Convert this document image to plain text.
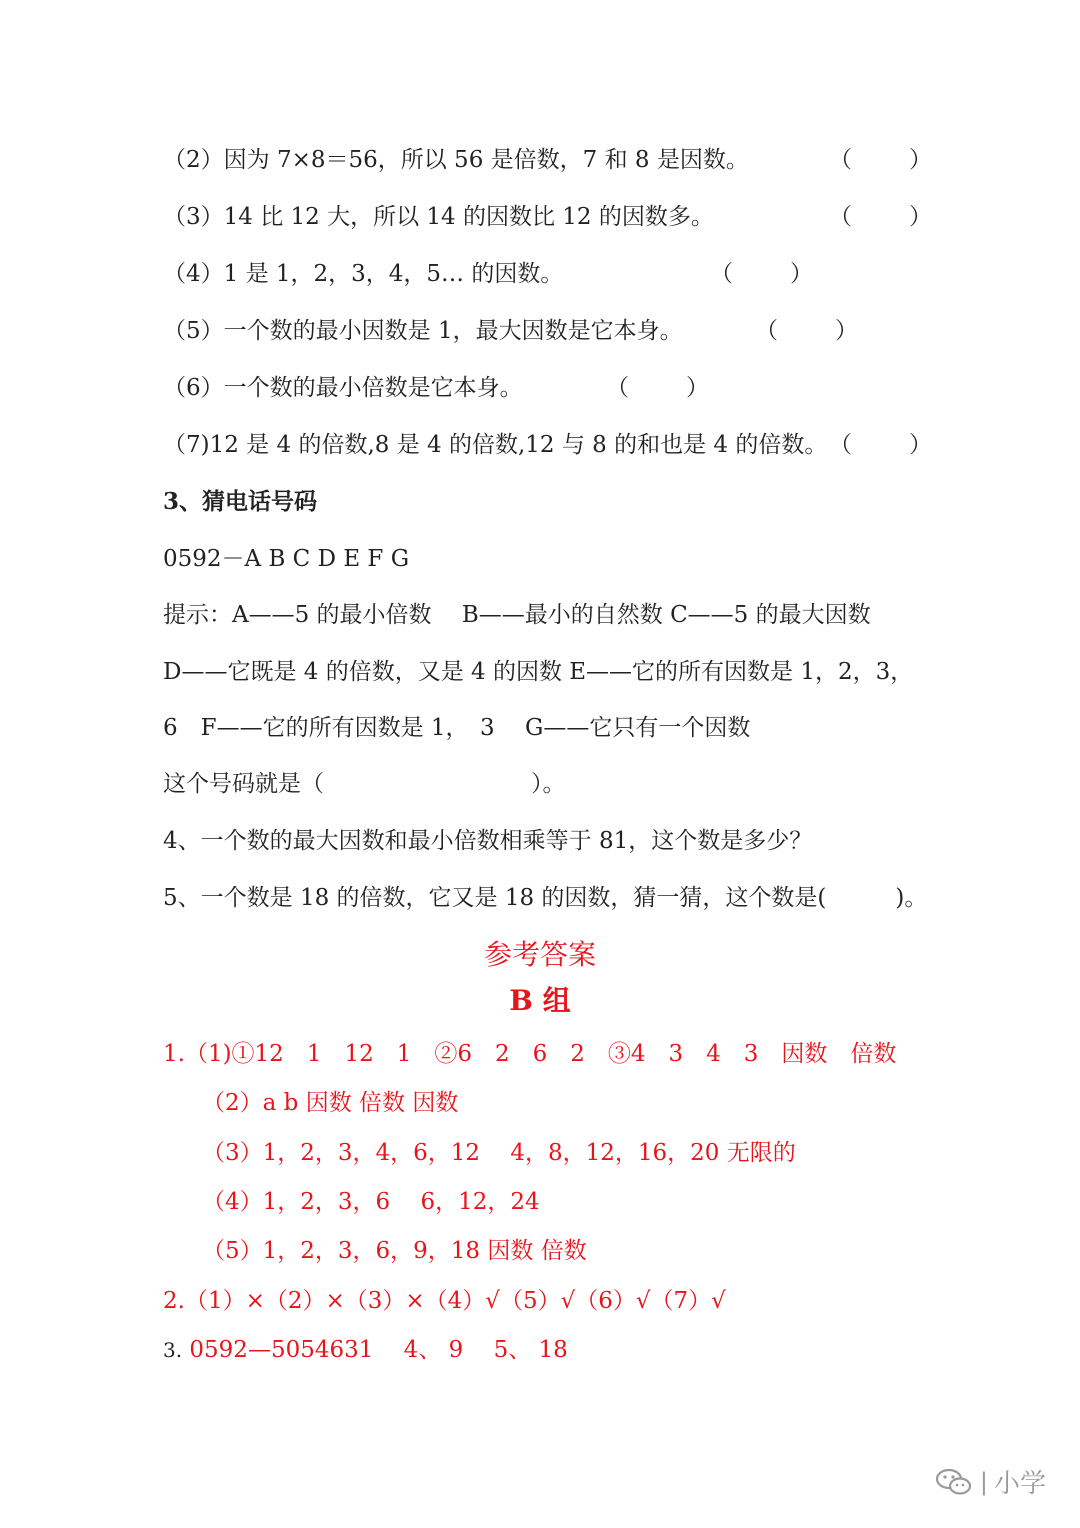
（2）因为 7×8＝56，所以 56 是倍数，7 和 8 是因数。	（ ）
（3）14 比 12 大，所以 14 的因数比 12 的因数多。	（ ）
（4）1 是 1，2，3，4，5… 的因数。	（ ）
（5）一个数的最小因数是 1，最大因数是它本身。	（ ）
（6）一个数的最小倍数是它本身。	（ ）
（7)12 是 4 的倍数,8 是 4 的倍数,12 与 8 的和也是 4 的倍数。 （ ）
3、猜电话号码
0592－A B C D E F G
提示：A——5 的最小倍数　 B——最小的自然数 C——5 的最大因数
D——它既是 4 的倍数，又是 4 的因数 E——它的所有因数是 1，2，3，
6　F——它的所有因数是 1，　3　 G——它只有一个因数
这个号码就是（　　　　　　　　　）。
4、一个数的最大因数和最小倍数相乘等于 81，这个数是多少？
5、一个数是 18 的倍数，它又是 18 的因数，猜一猜，这个数是(　　　)。
参考答案
B 组
1.（1)①12　1　12　1　②6　2　6　2　③4　3　4　3　因数　倍数
（2）a b 因数 倍数 因数
（3）1，2，3，4，6，12　 4，8，12，16，20 无限的
（4）1，2，3，6　 6，12，24
（5）1，2，3，6，9，18 因数 倍数
2.（1）×（2）×（3）×（4）√（5）√（6）√（7）√
3. 0592—5054631　 4、 9　 5、 18
| 小学
